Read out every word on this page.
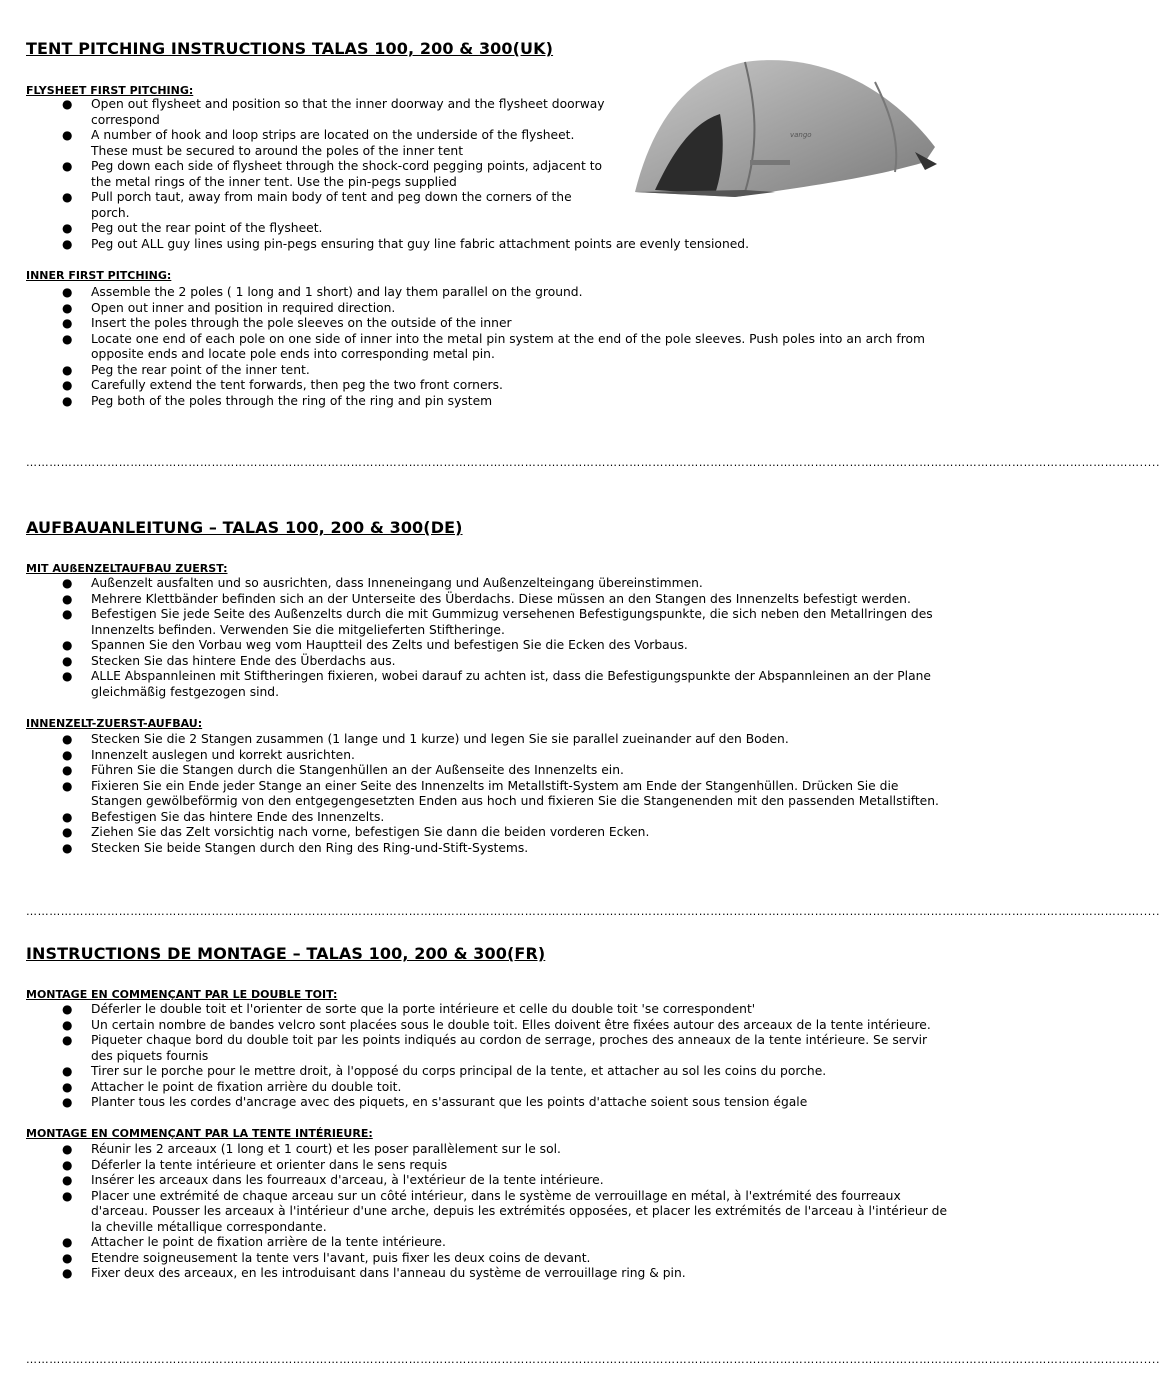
vango
TENT PITCHING INSTRUCTIONS TALAS 100, 200 & 300(UK)

FLYSHEET FIRST PITCHING:

● Open out flysheet and position so that the inner doorway and the flysheet doorway correspond
● A number of hook and loop strips are located on the underside of the flysheet. These must be secured to around the poles of the inner tent
● Peg down each side of flysheet through the shock-cord pegging points, adjacent to the metal rings of the inner tent. Use the pin-pegs supplied
● Pull porch taut, away from main body of tent and peg down the corners of the porch.
● Peg out the rear point of the flysheet.
● Peg out ALL guy lines using pin-pegs ensuring that guy line fabric attachment points are evenly tensioned.

INNER FIRST PITCHING:

● Assemble the 2 poles ( 1 long and 1 short) and lay them parallel on the ground.
● Open out inner and position in required direction.
● Insert the poles through the pole sleeves on the outside of the inner
● Locate one end of each pole on one side of inner into the metal pin system at the end of the pole sleeves. Push poles into an arch from opposite ends and locate pole ends into corresponding metal pin.
● Peg the rear point of the inner tent.
● Carefully extend the tent forwards, then peg the two front corners.
● Peg both of the poles through the ring of the ring and pin system
……………………………………………………………………………………………………………………………………………………………………………………………………………………………………………………………….....
AUFBAUANLEITUNG – TALAS 100, 200 & 300(DE)

MIT AUßENZELTAUFBAU ZUERST:

● Außenzelt ausfalten und so ausrichten, dass Inneneingang und Außenzelteingang übereinstimmen.
● Mehrere Klettbänder befinden sich an der Unterseite des Überdachs. Diese müssen an den Stangen des Innenzelts befestigt werden.
● Befestigen Sie jede Seite des Außenzelts durch die mit Gummizug versehenen Befestigungspunkte, die sich neben den Metallringen des Innenzelts befinden. Verwenden Sie die mitgelieferten Stiftheringe.
● Spannen Sie den Vorbau weg vom Hauptteil des Zelts und befestigen Sie die Ecken des Vorbaus.
● Stecken Sie das hintere Ende des Überdachs aus.
● ALLE Abspannleinen mit Stiftheringen fixieren, wobei darauf zu achten ist, dass die Befestigungspunkte der Abspannleinen an der Plane gleichmäßig festgezogen sind.

INNENZELT-ZUERST-AUFBAU:

● Stecken Sie die 2 Stangen zusammen (1 lange und 1 kurze) und legen Sie sie parallel zueinander auf den Boden.
● Innenzelt auslegen und korrekt ausrichten.
● Führen Sie die Stangen durch die Stangenhüllen an der Außenseite des Innenzelts ein.
● Fixieren Sie ein Ende jeder Stange an einer Seite des Innenzelts im Metallstift-System am Ende der Stangenhüllen. Drücken Sie die Stangen gewölbeförmig von den entgegengesetzten Enden aus hoch und fixieren Sie die Stangenenden mit den passenden Metallstiften.
● Befestigen Sie das hintere Ende des Innenzelts.
● Ziehen Sie das Zelt vorsichtig nach vorne, befestigen Sie dann die beiden vorderen Ecken.
● Stecken Sie beide Stangen durch den Ring des Ring-und-Stift-Systems.
……………………………………………………………………………………………………………………………………………………………………………………………………………………………………………………………….....
INSTRUCTIONS DE MONTAGE – TALAS 100, 200 & 300(FR)

MONTAGE EN COMMENÇANT PAR LE DOUBLE TOIT:

● Déferler le double toit et l'orienter de sorte que la porte intérieure et celle du double toit 'se correspondent'
● Un certain nombre de bandes velcro sont placées sous le double toit. Elles doivent être fixées autour des arceaux de la tente intérieure.
● Piqueter chaque bord du double toit par les points indiqués au cordon de serrage, proches des anneaux de la tente intérieure. Se servir des piquets fournis
● Tirer sur le porche pour le mettre droit, à l'opposé du corps principal de la tente, et attacher au sol les coins du porche.
● Attacher le point de fixation arrière du double toit.
● Planter tous les cordes d'ancrage avec des piquets, en s'assurant que les points d'attache soient sous tension égale

MONTAGE EN COMMENÇANT PAR LA TENTE INTÉRIEURE:

● Réunir les 2 arceaux (1 long et 1 court) et les poser parallèlement sur le sol.
● Déferler la tente intérieure et orienter dans le sens requis
● Insérer les arceaux dans les fourreaux d'arceau, à l'extérieur de la tente intérieure.
● Placer une extrémité de chaque arceau sur un côté intérieur, dans le système de verrouillage en métal, à l'extrémité des fourreaux d'arceau. Pousser les arceaux à l'intérieur d'une arche, depuis les extrémités opposées, et placer les extrémités de l'arceau à l'intérieur de la cheville métallique correspondante.
● Attacher le point de fixation arrière de la tente intérieure.
● Etendre soigneusement la tente vers l'avant, puis fixer les deux coins de devant.
● Fixer deux des arceaux, en les introduisant dans l'anneau du système de verrouillage ring & pin.
……………………………………………………………………………………………………………………………………………………………………………………………………………………………………………………………….....
